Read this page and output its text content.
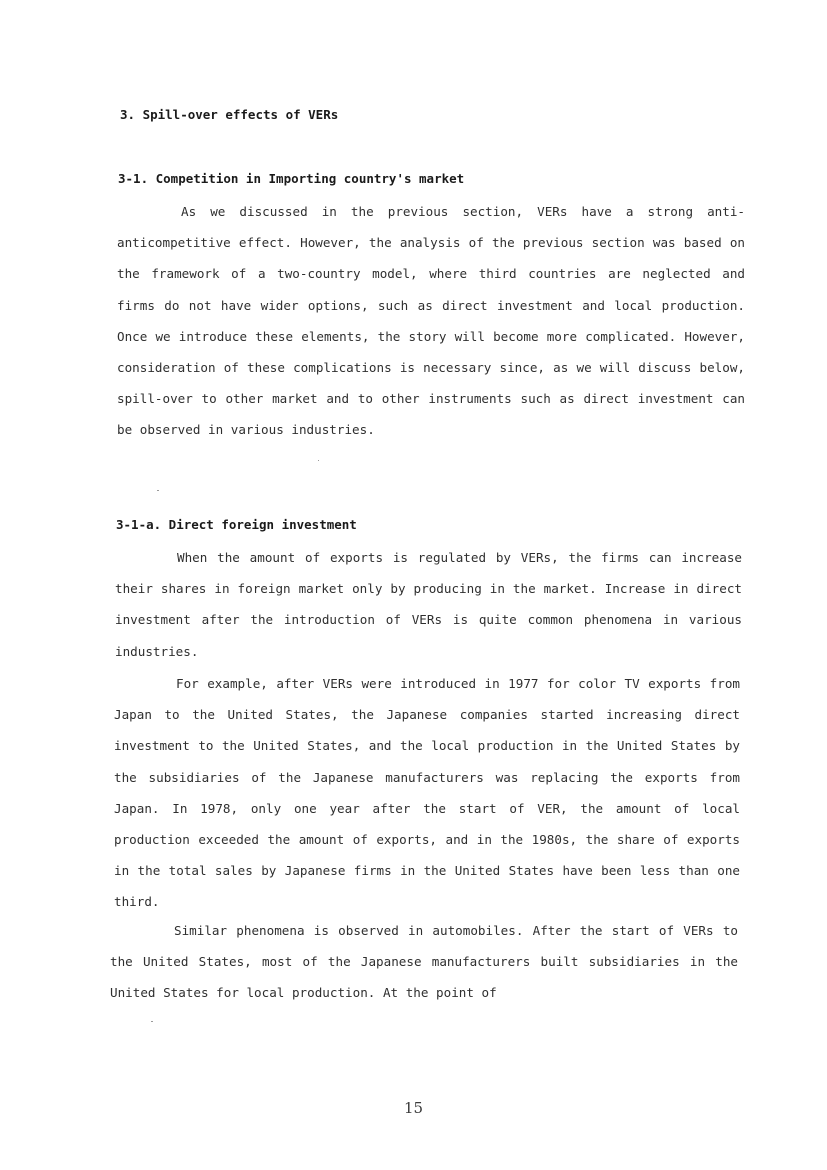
3. Spill-over effects of VERs
3-1. Competition in Importing country's market
As we discussed in the previous section, VERs have a strong anti-anticompetitive effect. However, the analysis of the previous section was based on the framework of a two-country model, where third countries are neglected and firms do not have wider options, such as direct investment and local production. Once we introduce these elements, the story will become more complicated. However, consideration of these complications is necessary since, as we will discuss below, spill-over to other market and to other instruments such as direct investment can be observed in various industries.
3-1-a. Direct foreign investment
When the amount of exports is regulated by VERs, the firms can increase their shares in foreign market only by producing in the market. Increase in direct investment after the introduction of VERs is quite common phenomena in various industries.
For example, after VERs were introduced in 1977 for color TV exports from Japan to the United States, the Japanese companies started increasing direct investment to the United States, and the local production in the United States by the subsidiaries of the Japanese manufacturers was replacing the exports from Japan. In 1978, only one year after the start of VER, the amount of local production exceeded the amount of exports, and in the 1980s, the share of exports in the total sales by Japanese firms in the United States have been less than one third.
Similar phenomena is observed in automobiles. After the start of VERs to the United States, most of the Japanese manufacturers built subsidiaries in the United States for local production. At the point of
15
